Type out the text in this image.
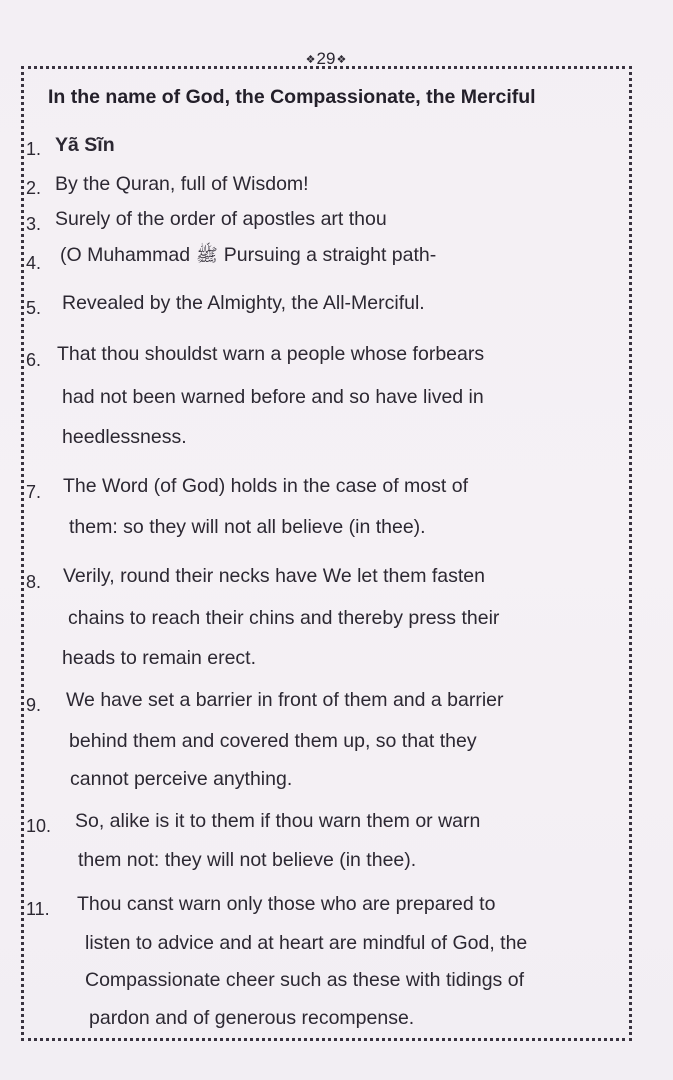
❖ 29 ❖
In the name of God, the Compassionate, the Merciful
1. Yã Sĩn
2. By the Quran, full of Wisdom!
3. Surely of the order of apostles art thou
4. (O Muhammad ﷺ Pursuing a straight path-
5. Revealed by the Almighty, the All-Merciful.
6. That thou shouldst warn a people whose forbears
had not been warned before and so have lived in
heedlessness.
7. The Word (of God) holds in the case of most of
them: so they will not all believe (in thee).
8. Verily, round their necks have We let them fasten
chains to reach their chins and thereby press their
heads to remain erect.
9. We have set a barrier in front of them and a barrier
behind them and covered them up, so that they
cannot perceive anything.
10. So, alike is it to them if thou warn them or warn
them not: they will not believe (in thee).
11. Thou canst warn only those who are prepared to
listen to advice and at heart are mindful of God, the
Compassionate cheer such as these with tidings of
pardon and of generous recompense.
